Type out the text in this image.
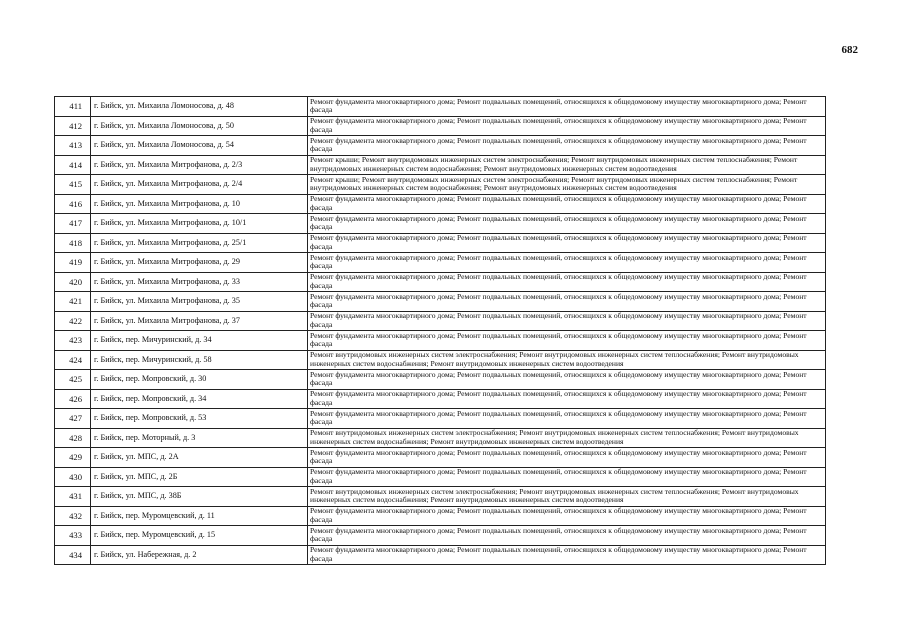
682
411	г. Бийск, ул. Михаила Ломоносова, д. 48	Ремонт фундамента многоквартирного дома; Ремонт подвальных помещений, относящихся к общедомовому имуществу многоквартирного дома; Ремонт фасада
412	г. Бийск, ул. Михаила Ломоносова, д. 50	Ремонт фундамента многоквартирного дома; Ремонт подвальных помещений, относящихся к общедомовому имуществу многоквартирного дома; Ремонт фасада
413	г. Бийск, ул. Михаила Ломоносова, д. 54	Ремонт фундамента многоквартирного дома; Ремонт подвальных помещений, относящихся к общедомовому имуществу многоквартирного дома; Ремонт фасада
414	г. Бийск, ул. Михаила Митрофанова, д. 2/3	Ремонт крыши; Ремонт внутридомовых инженерных систем электроснабжения; Ремонт внутридомовых инженерных систем теплоснабжения; Ремонт внутридомовых инженерных систем водоснабжения; Ремонт внутридомовых инженерных систем водоотведения
415	г. Бийск, ул. Михаила Митрофанова, д. 2/4	Ремонт крыши; Ремонт внутридомовых инженерных систем электроснабжения; Ремонт внутридомовых инженерных систем теплоснабжения; Ремонт внутридомовых инженерных систем водоснабжения; Ремонт внутридомовых инженерных систем водоотведения
416	г. Бийск, ул. Михаила Митрофанова, д. 10	Ремонт фундамента многоквартирного дома; Ремонт подвальных помещений, относящихся к общедомовому имуществу многоквартирного дома; Ремонт фасада
417	г. Бийск, ул. Михаила Митрофанова, д. 10/1	Ремонт фундамента многоквартирного дома; Ремонт подвальных помещений, относящихся к общедомовому имуществу многоквартирного дома; Ремонт фасада
418	г. Бийск, ул. Михаила Митрофанова, д. 25/1	Ремонт фундамента многоквартирного дома; Ремонт подвальных помещений, относящихся к общедомовому имуществу многоквартирного дома; Ремонт фасада
419	г. Бийск, ул. Михаила Митрофанова, д. 29	Ремонт фундамента многоквартирного дома; Ремонт подвальных помещений, относящихся к общедомовому имуществу многоквартирного дома; Ремонт фасада
420	г. Бийск, ул. Михаила Митрофанова, д. 33	Ремонт фундамента многоквартирного дома; Ремонт подвальных помещений, относящихся к общедомовому имуществу многоквартирного дома; Ремонт фасада
421	г. Бийск, ул. Михаила Митрофанова, д. 35	Ремонт фундамента многоквартирного дома; Ремонт подвальных помещений, относящихся к общедомовому имуществу многоквартирного дома; Ремонт фасада
422	г. Бийск, ул. Михаила Митрофанова, д. 37	Ремонт фундамента многоквартирного дома; Ремонт подвальных помещений, относящихся к общедомовому имуществу многоквартирного дома; Ремонт фасада
423	г. Бийск, пер. Мичуринский, д. 34	Ремонт фундамента многоквартирного дома; Ремонт подвальных помещений, относящихся к общедомовому имуществу многоквартирного дома; Ремонт фасада
424	г. Бийск, пер. Мичуринский, д. 58	Ремонт внутридомовых инженерных систем электроснабжения; Ремонт внутридомовых инженерных систем теплоснабжения; Ремонт внутридомовых инженерных систем водоснабжения; Ремонт внутридомовых инженерных систем водоотведения
425	г. Бийск, пер. Мопровский, д. 30	Ремонт фундамента многоквартирного дома; Ремонт подвальных помещений, относящихся к общедомовому имуществу многоквартирного дома; Ремонт фасада
426	г. Бийск, пер. Мопровский, д. 34	Ремонт фундамента многоквартирного дома; Ремонт подвальных помещений, относящихся к общедомовому имуществу многоквартирного дома; Ремонт фасада
427	г. Бийск, пер. Мопровский, д. 53	Ремонт фундамента многоквартирного дома; Ремонт подвальных помещений, относящихся к общедомовому имуществу многоквартирного дома; Ремонт фасада
428	г. Бийск, пер. Моторный, д. 3	Ремонт внутридомовых инженерных систем электроснабжения; Ремонт внутридомовых инженерных систем теплоснабжения; Ремонт внутридомовых инженерных систем водоснабжения; Ремонт внутридомовых инженерных систем водоотведения
429	г. Бийск, ул. МПС, д. 2А	Ремонт фундамента многоквартирного дома; Ремонт подвальных помещений, относящихся к общедомовому имуществу многоквартирного дома; Ремонт фасада
430	г. Бийск, ул. МПС, д. 2Б	Ремонт фундамента многоквартирного дома; Ремонт подвальных помещений, относящихся к общедомовому имуществу многоквартирного дома; Ремонт фасада
431	г. Бийск, ул. МПС, д. 38Б	Ремонт внутридомовых инженерных систем электроснабжения; Ремонт внутридомовых инженерных систем теплоснабжения; Ремонт внутридомовых инженерных систем водоснабжения; Ремонт внутридомовых инженерных систем водоотведения
432	г. Бийск, пер. Муромцевский, д. 11	Ремонт фундамента многоквартирного дома; Ремонт подвальных помещений, относящихся к общедомовому имуществу многоквартирного дома; Ремонт фасада
433	г. Бийск, пер. Муромцевский, д. 15	Ремонт фундамента многоквартирного дома; Ремонт подвальных помещений, относящихся к общедомовому имуществу многоквартирного дома; Ремонт фасада
434	г. Бийск, ул. Набережная, д. 2	Ремонт фундамента многоквартирного дома; Ремонт подвальных помещений, относящихся к общедомовому имуществу многоквартирного дома; Ремонт фасада
